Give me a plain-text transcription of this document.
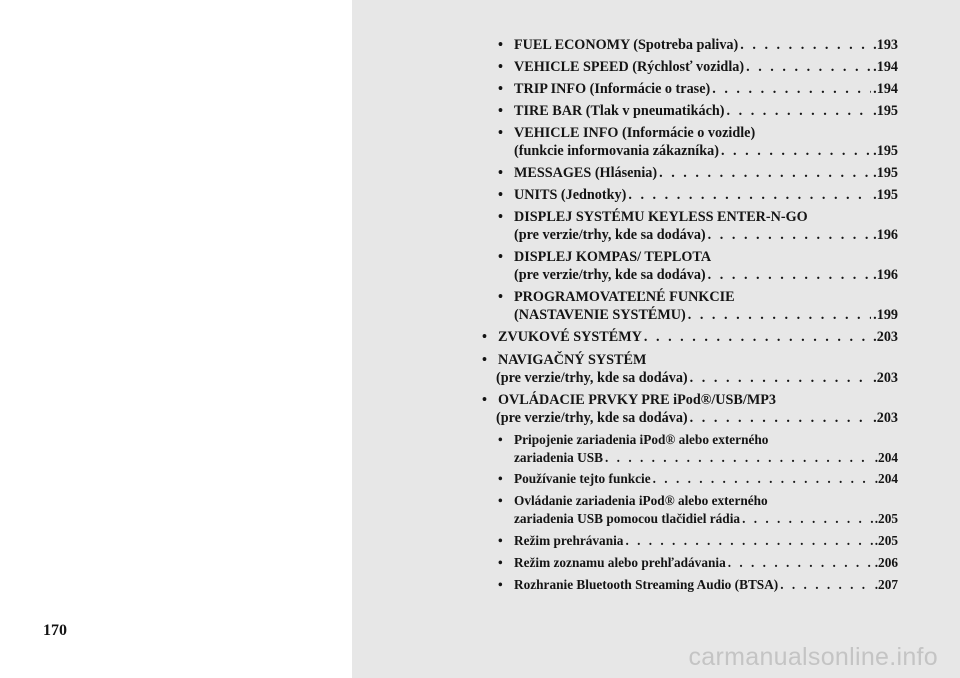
170
• FUEL ECONOMY (Spotreba paliva) . . .	.193
• VEHICLE SPEED (Rýchlosť vozidla) . . .	.194
• TRIP INFO (Informácie o trase) . . .	.194
• TIRE BAR (Tlak v pneumatikách) . . .	.195
• VEHICLE INFO (Informácie o vozidle)
(funkcie informovania zákazníka) . . .	.195
• MESSAGES (Hlásenia) . . .	.195
• UNITS (Jednotky) . . .	.195
• DISPLEJ SYSTÉMU KEYLESS ENTER-N-GO
(pre verzie/trhy, kde sa dodáva) . . .	.196
• DISPLEJ KOMPAS/ TEPLOTA
(pre verzie/trhy, kde sa dodáva) . . .	.196
• PROGRAMOVATEĽNÉ FUNKCIE
(NASTAVENIE SYSTÉMU) . . .	.199
• ZVUKOVÉ SYSTÉMY . . .	.203
• NAVIGAČNÝ SYSTÉM
(pre verzie/trhy, kde sa dodáva) . . .	.203
• OVLÁDACIE PRVKY PRE iPod®/USB/MP3
(pre verzie/trhy, kde sa dodáva) . . .	.203
• Pripojenie zariadenia iPod® alebo externého
zariadenia USB . . .	.204
• Používanie tejto funkcie . . .	.204
• Ovládanie zariadenia iPod® alebo externého
zariadenia USB pomocou tlačidiel rádia . . .	.205
• Režim prehrávania . . .	.205
• Režim zoznamu alebo prehľadávania . . .	.206
• Rozhranie Bluetooth Streaming Audio (BTSA) . . .	.207
carmanualsonline.info
